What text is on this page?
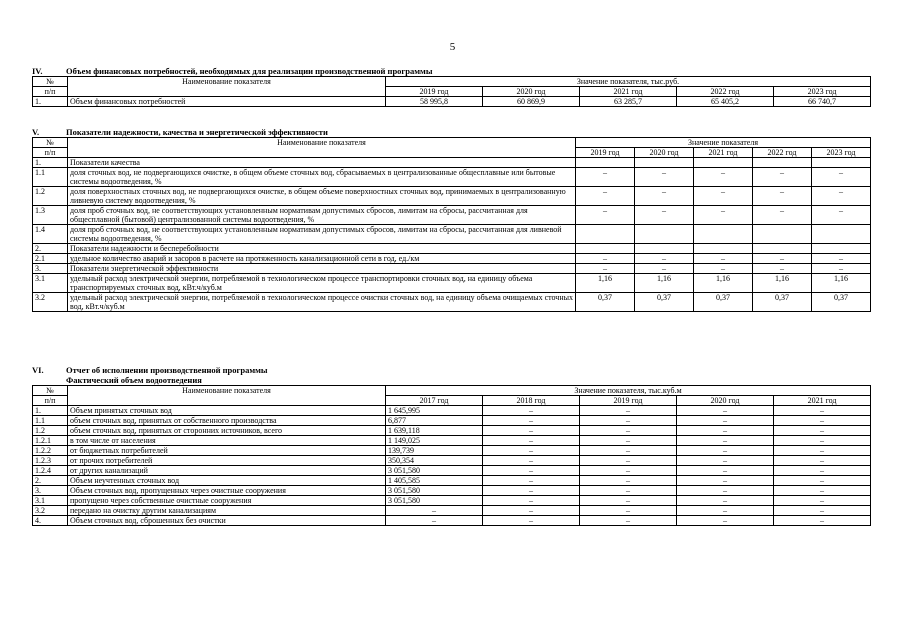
5
IV.	Объем финансовых потребностей, необходимых для реализации производственной программы
№	Наименование показателя	Значение показателя, тыс.руб.				
п/п		2019 год	2020 год	2021 год	2022 год	2023 год
1.	Объем финансовых потребностей	58 995,8	60 869,9	63 285,7	65 405,2	66 740,7
V.	Показатели надежности, качества и энергетической эффективности
№	Наименование показателя	Значение показателя				
п/п		2019 год	2020 год	2021 год	2022 год	2023 год
1.	Показатели качества					
1.1	доля сточных вод, не подвергающихся очистке, в общем объеме сточных вод, сбрасываемых в централизованные общесплавные или бытовые системы водоотведения, %	–	–	–	–	–
1.2	доля поверхностных сточных вод, не подвергающихся очистке, в общем объеме поверхностных сточных вод, принимаемых в централизованную ливневую систему водоотведения, %	–	–	–	–	–
1.3	доля проб сточных вод, не соответствующих установленным нормативам допустимых сбросов, лимитам на сбросы, рассчитанная для общесплавной (бытовой) централизованной системы водоотведения, %	–	–	–	–	–
1.4	доля проб сточных вод, не соответствующих установленным нормативам допустимых сбросов, лимитам на сбросы, рассчитанная для ливневой системы водоотведения, %					
2.	Показатели надежности и бесперебойности					
2.1	удельное количество аварий и засоров в расчете на протяженность канализационной сети в год, ед./км	–	–	–	–	–
3.	Показатели энергетической эффективности	–	–	–	–	–
3.1	удельный расход электрической энергии, потребляемой в технологическом процессе транспортировки сточных вод, на единицу объема транспортируемых сточных вод, кВт.ч/куб.м	1,16	1,16	1,16	1,16	1,16
3.2	удельный расход электрической энергии, потребляемой в технологическом процессе очистки сточных вод, на единицу объема очищаемых сточных вод, кВт.ч/куб.м	0,37	0,37	0,37	0,37	0,37
VI.	Отчет об исполнении производственной программы
Фактический объем водоотведения
№	Наименование показателя	Значение показателя, тыс.куб.м				
п/п		2017 год	2018 год	2019 год	2020 год	2021 год
1.	Объем принятых сточных вод	1 645,995	–	–	–	–
1.1	объем сточных вод, принятых от собственного производства	6,877	–	–	–	–
1.2	объем сточных вод, принятых от сторонних источников, всего	1 639,118	–	–	–	–
1.2.1	в том числе от населения	1 149,025	–	–	–	–
1.2.2	от бюджетных потребителей	139,739	–	–	–	–
1.2.3	от прочих потребителей	350,354	–	–	–	–
1.2.4	от других канализаций	3 051,580	–	–	–	–
2.	Объем неучтенных сточных вод	1 405,585	–	–	–	–
3.	Объем сточных вод, пропущенных через очистные сооружения	3 051,580	–	–	–	–
3.1	пропущено через собственные очистные сооружения	3 051,580	–	–	–	–
3.2	передано на очистку другим канализациям	–	–	–	–	–
4.	Объем сточных вод, сброшенных без очистки	–	–	–	–	–
